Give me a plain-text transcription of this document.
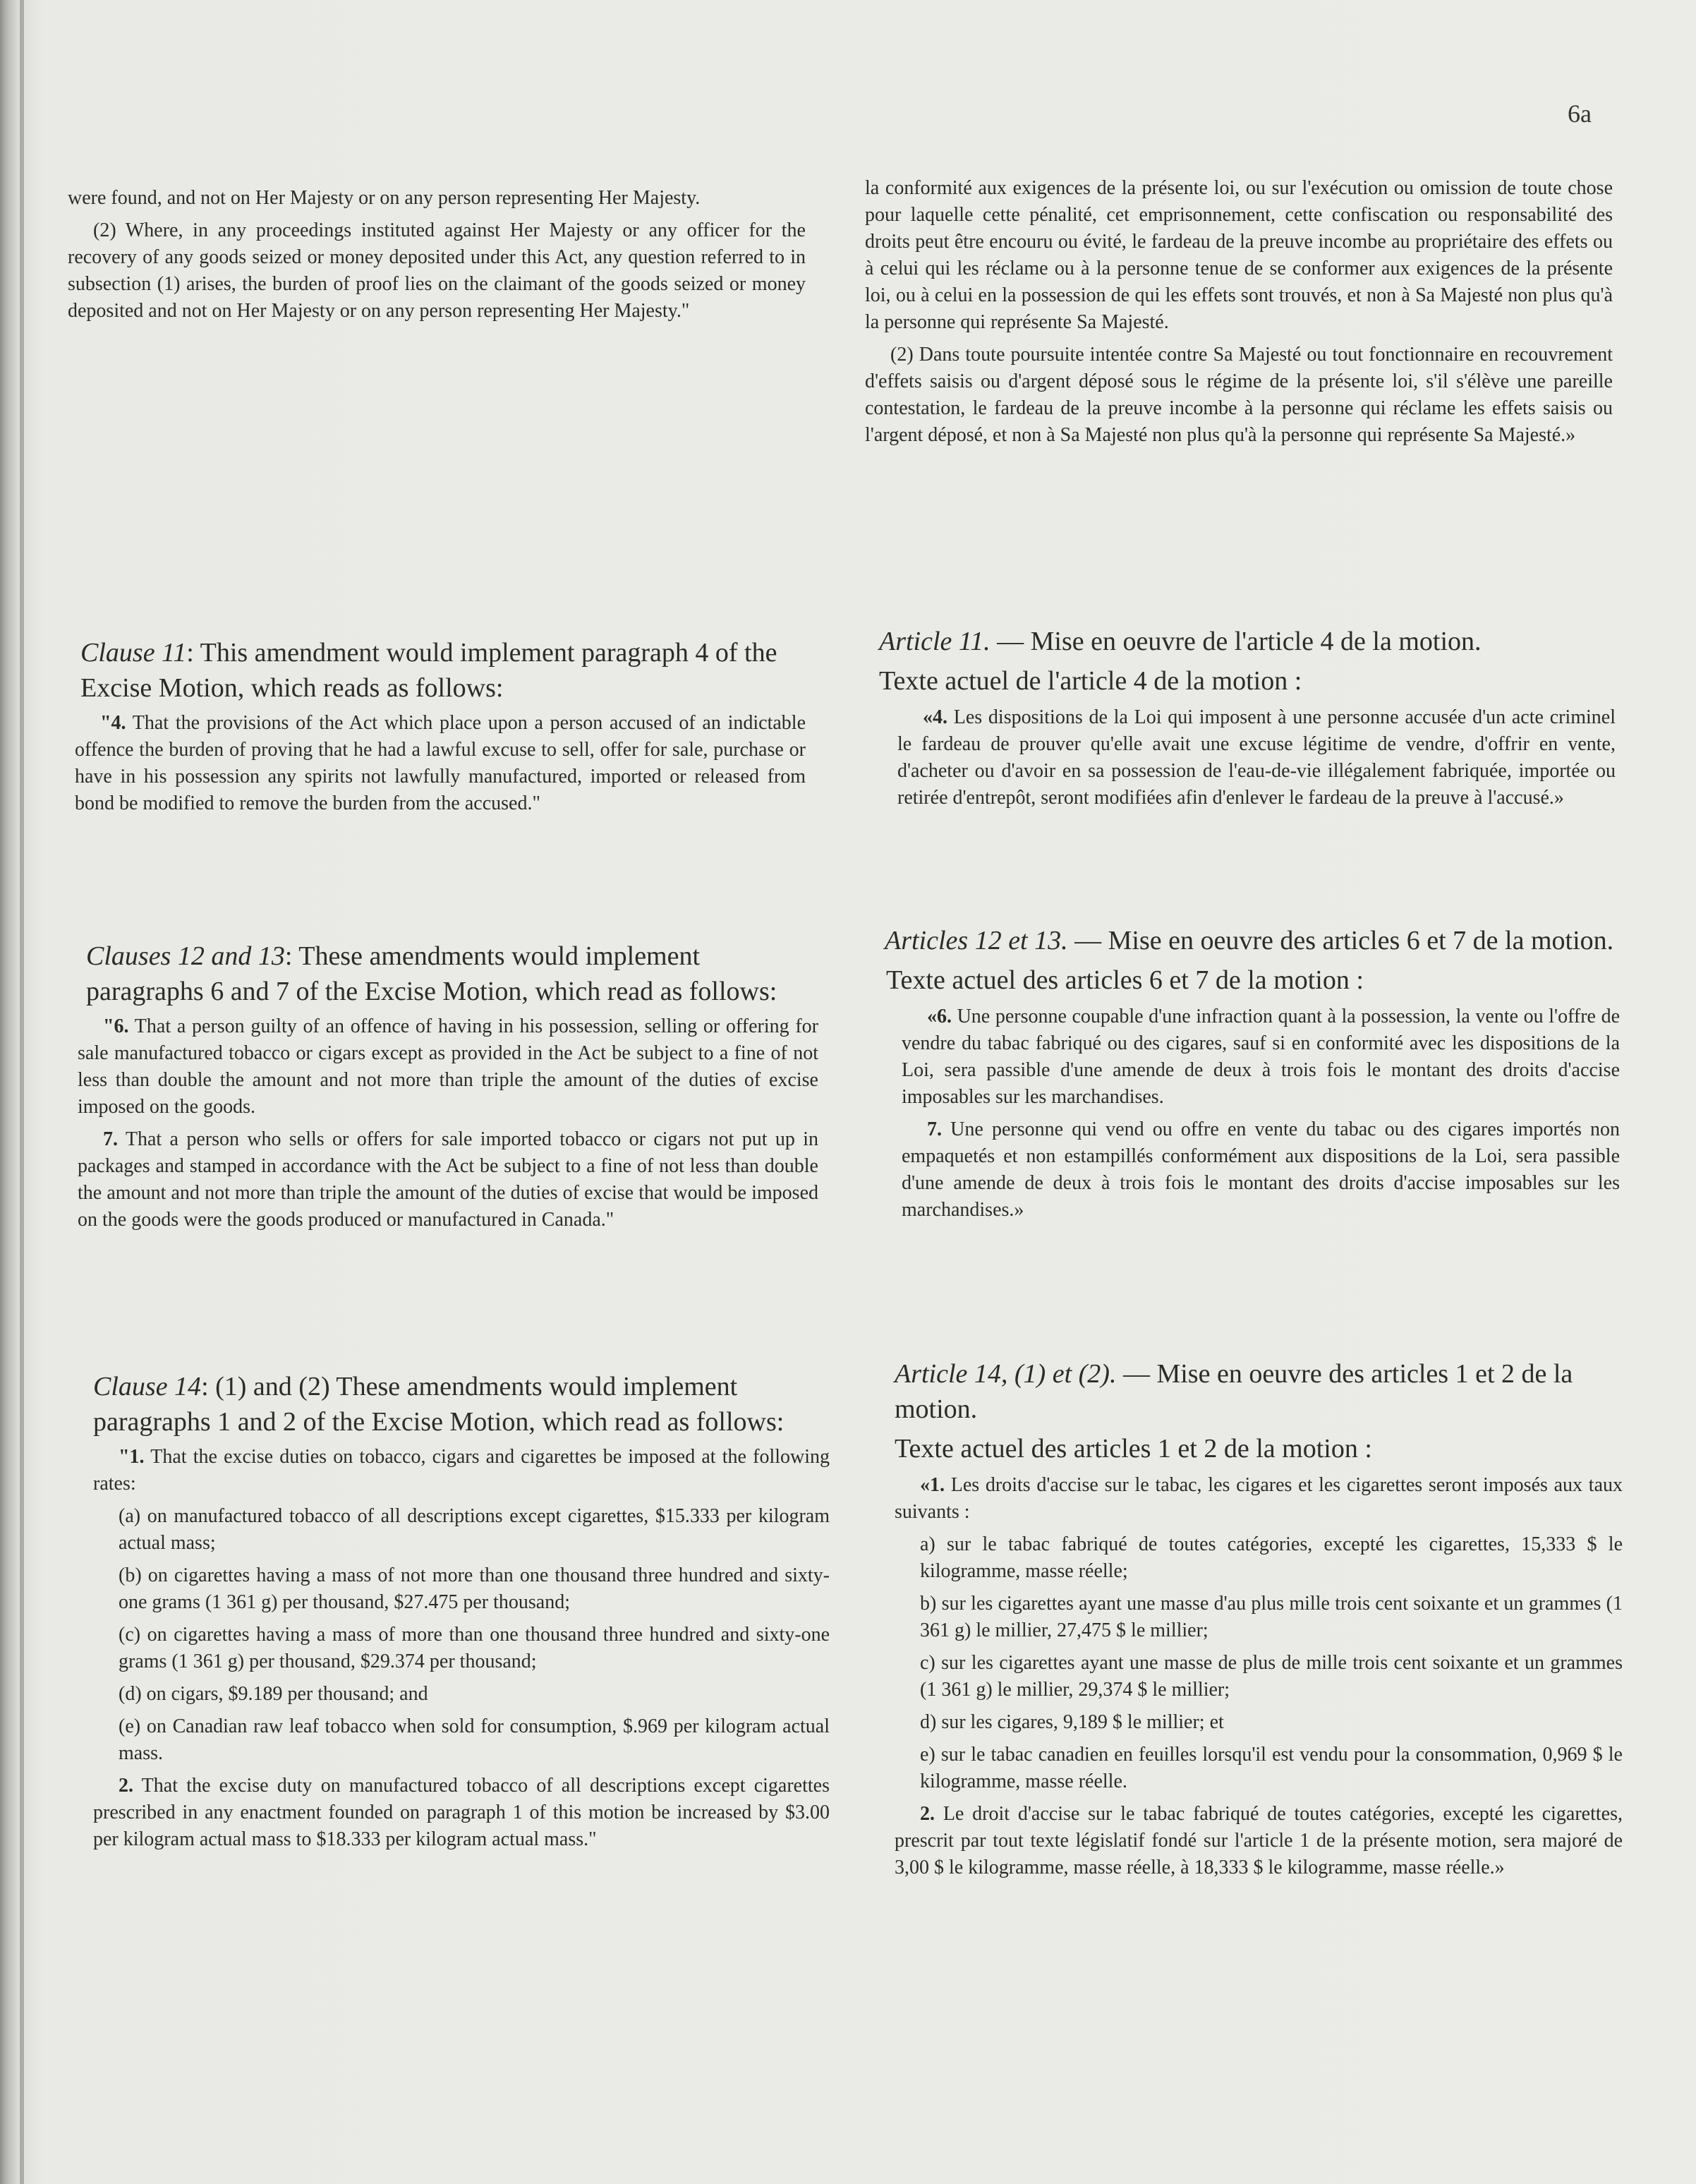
6a

were found, and not on Her Majesty or on any person representing Her Majesty.

(2) Where, in any proceedings instituted against Her Majesty or any officer for the recovery of any goods seized or money deposited under this Act, any question referred to in subsection (1) arises, the burden of proof lies on the claimant of the goods seized or money deposited and not on Her Majesty or on any person representing Her Majesty."

Clause 11: This amendment would implement paragraph 4 of the Excise Motion, which reads as follows:

"4. That the provisions of the Act which place upon a person accused of an indictable offence the burden of proving that he had a lawful excuse to sell, offer for sale, purchase or have in his possession any spirits not lawfully manufactured, imported or released from bond be modified to remove the burden from the accused."

Clauses 12 and 13: These amendments would implement paragraphs 6 and 7 of the Excise Motion, which read as follows:

"6. That a person guilty of an offence of having in his possession, selling or offering for sale manufactured tobacco or cigars except as provided in the Act be subject to a fine of not less than double the amount and not more than triple the amount of the duties of excise imposed on the goods.

7. That a person who sells or offers for sale imported tobacco or cigars not put up in packages and stamped in accordance with the Act be subject to a fine of not less than double the amount and not more than triple the amount of the duties of excise that would be imposed on the goods were the goods produced or manufactured in Canada."

Clause 14: (1) and (2) These amendments would implement paragraphs 1 and 2 of the Excise Motion, which read as follows:

"1. That the excise duties on tobacco, cigars and cigarettes be imposed at the following rates:

(a) on manufactured tobacco of all descriptions except cigarettes, $15.333 per kilogram actual mass;

(b) on cigarettes having a mass of not more than one thousand three hundred and sixty-one grams (1 361 g) per thousand, $27.475 per thousand;

(c) on cigarettes having a mass of more than one thousand three hundred and sixty-one grams (1 361 g) per thousand, $29.374 per thousand;

(d) on cigars, $9.189 per thousand; and

(e) on Canadian raw leaf tobacco when sold for consumption, $.969 per kilogram actual mass.

2. That the excise duty on manufactured tobacco of all descriptions except cigarettes prescribed in any enactment founded on paragraph 1 of this motion be increased by $3.00 per kilogram actual mass to $18.333 per kilogram actual mass."

la conformité aux exigences de la présente loi, ou sur l'exécution ou omission de toute chose pour laquelle cette pénalité, cet emprisonnement, cette confiscation ou responsabilité des droits peut être encouru ou évité, le fardeau de la preuve incombe au propriétaire des effets ou à celui qui les réclame ou à la personne tenue de se conformer aux exigences de la présente loi, ou à celui en la possession de qui les effets sont trouvés, et non à Sa Majesté non plus qu'à la personne qui représente Sa Majesté.

(2) Dans toute poursuite intentée contre Sa Majesté ou tout fonctionnaire en recouvrement d'effets saisis ou d'argent déposé sous le régime de la présente loi, s'il s'élève une pareille contestation, le fardeau de la preuve incombe à la personne qui réclame les effets saisis ou l'argent déposé, et non à Sa Majesté non plus qu'à la personne qui représente Sa Majesté.»

Article 11. — Mise en oeuvre de l'article 4 de la motion.
Texte actuel de l'article 4 de la motion :

«4. Les dispositions de la Loi qui imposent à une personne accusée d'un acte criminel le fardeau de prouver qu'elle avait une excuse légitime de vendre, d'offrir en vente, d'acheter ou d'avoir en sa possession de l'eau-de-vie illégalement fabriquée, importée ou retirée d'entrepôt, seront modifiées afin d'enlever le fardeau de la preuve à l'accusé.»

Articles 12 et 13. — Mise en oeuvre des articles 6 et 7 de la motion.
Texte actuel des articles 6 et 7 de la motion :

«6. Une personne coupable d'une infraction quant à la possession, la vente ou l'offre de vendre du tabac fabriqué ou des cigares, sauf si en conformité avec les dispositions de la Loi, sera passible d'une amende de deux à trois fois le montant des droits d'accise imposables sur les marchandises.

7. Une personne qui vend ou offre en vente du tabac ou des cigares importés non empaquetés et non estampillés conformément aux dispositions de la Loi, sera passible d'une amende de deux à trois fois le montant des droits d'accise imposables sur les marchandises.»

Article 14, (1) et (2). — Mise en oeuvre des articles 1 et 2 de la motion.
Texte actuel des articles 1 et 2 de la motion :

«1. Les droits d'accise sur le tabac, les cigares et les cigarettes seront imposés aux taux suivants :

a) sur le tabac fabriqué de toutes catégories, excepté les cigarettes, 15,333 $ le kilogramme, masse réelle;

b) sur les cigarettes ayant une masse d'au plus mille trois cent soixante et un grammes (1 361 g) le millier, 27,475 $ le millier;

c) sur les cigarettes ayant une masse de plus de mille trois cent soixante et un grammes (1 361 g) le millier, 29,374 $ le millier;

d) sur les cigares, 9,189 $ le millier; et

e) sur le tabac canadien en feuilles lorsqu'il est vendu pour la consommation, 0,969 $ le kilogramme, masse réelle.

2. Le droit d'accise sur le tabac fabriqué de toutes catégories, excepté les cigarettes, prescrit par tout texte législatif fondé sur l'article 1 de la présente motion, sera majoré de 3,00 $ le kilogramme, masse réelle, à 18,333 $ le kilogramme, masse réelle.»
